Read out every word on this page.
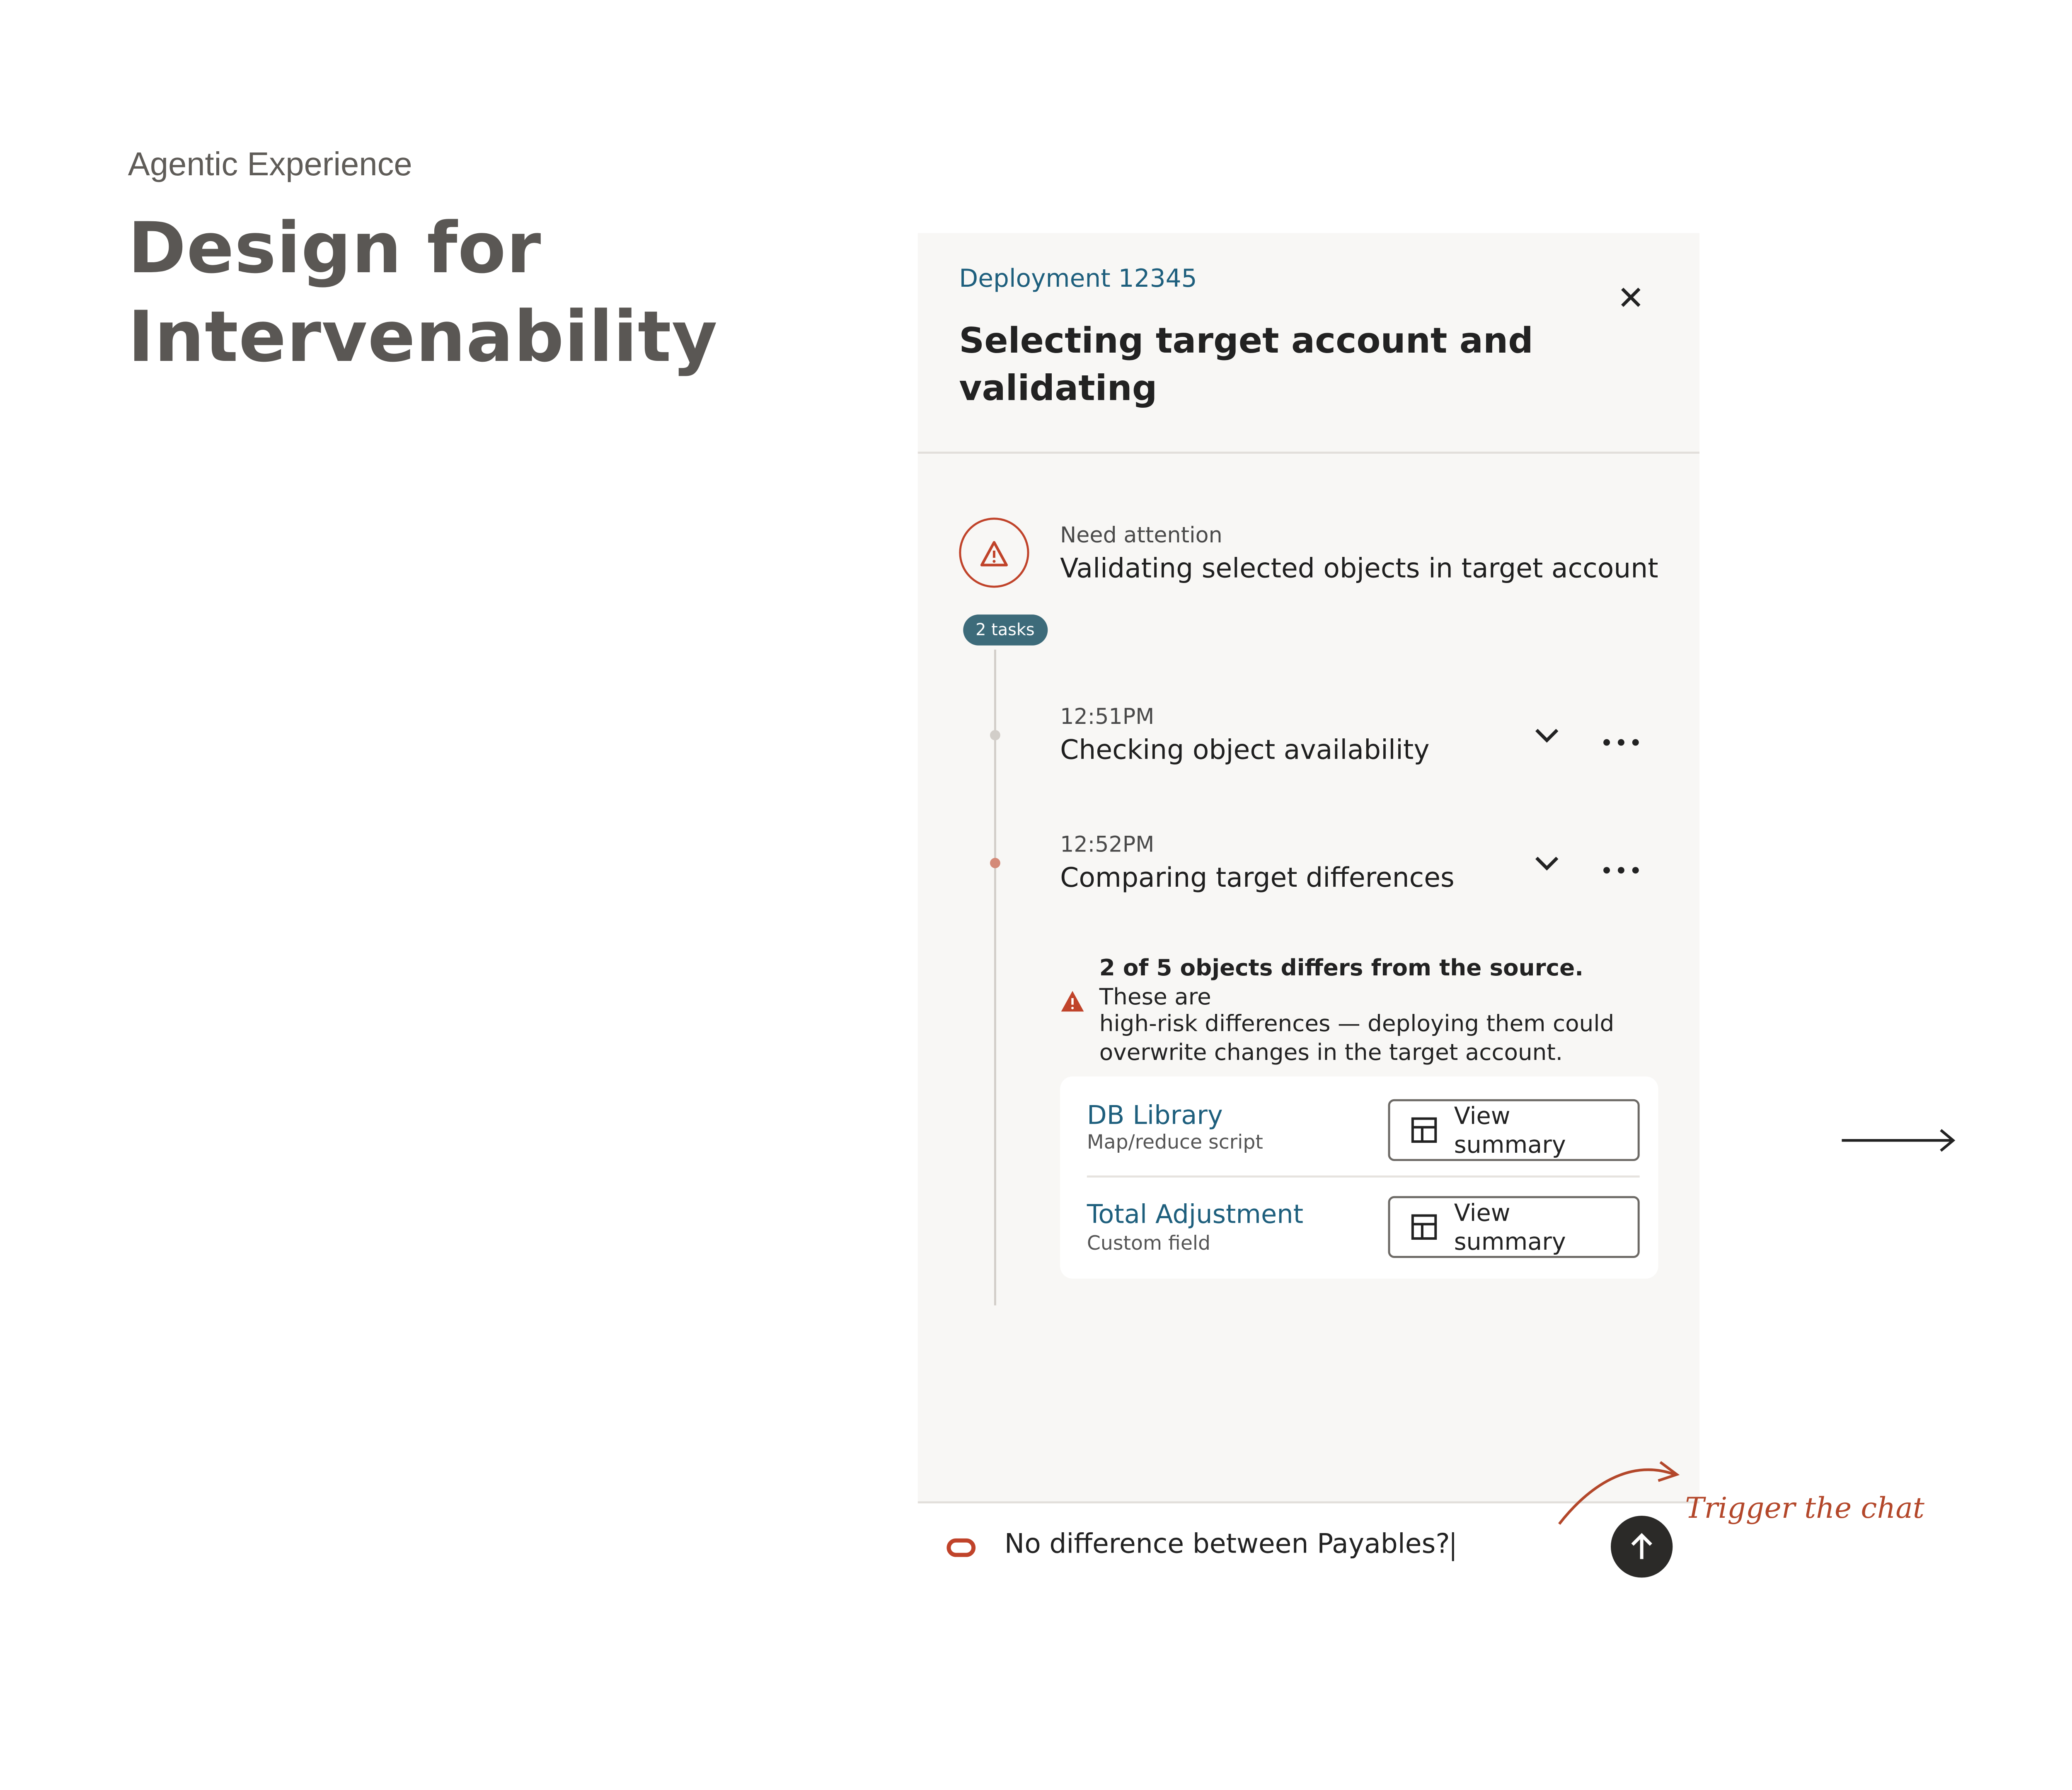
Agentic Experience
Design for
Intervenability
Deployment 12345
Selecting target account and
validating
✕
Need attention
Validating selected objects in target account
2 tasks
12:51PM
Checking object availability
12:52PM
Comparing target differences
2 of 5 objects differs from the source. These are
high-risk differences — deploying them could
overwrite changes in the target account.
DB Library
Map/reduce script
View summary
Total Adjustment
Custom field
View summary
No difference between Payables?
Trigger the chat
